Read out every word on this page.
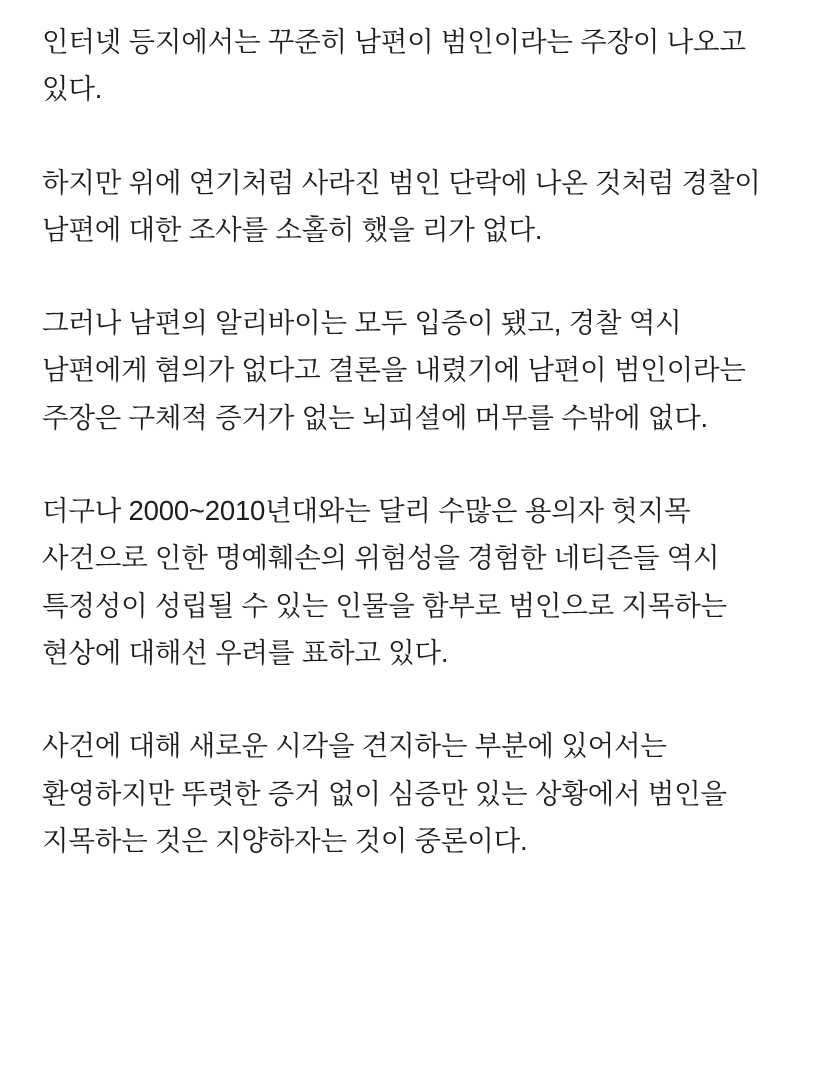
인터넷 등지에서는 꾸준히 남편이 범인이라는 주장이 나오고 있다.

하지만 위에 연기처럼 사라진 범인 단락에 나온 것처럼 경찰이 남편에 대한 조사를 소홀히 했을 리가 없다.

그러나 남편의 알리바이는 모두 입증이 됐고, 경찰 역시 남편에게 혐의가 없다고 결론을 내렸기에 남편이 범인이라는 주장은 구체적 증거가 없는 뇌피셜에 머무를 수밖에 없다.

더구나 2000~2010년대와는 달리 수많은 용의자 헛지목 사건으로 인한 명예훼손의 위험성을 경험한 네티즌들 역시 특정성이 성립될 수 있는 인물을 함부로 범인으로 지목하는 현상에 대해선 우려를 표하고 있다.

사건에 대해 새로운 시각을 견지하는 부분에 있어서는 환영하지만 뚜렷한 증거 없이 심증만 있는 상황에서 범인을 지목하는 것은 지양하자는 것이 중론이다.
